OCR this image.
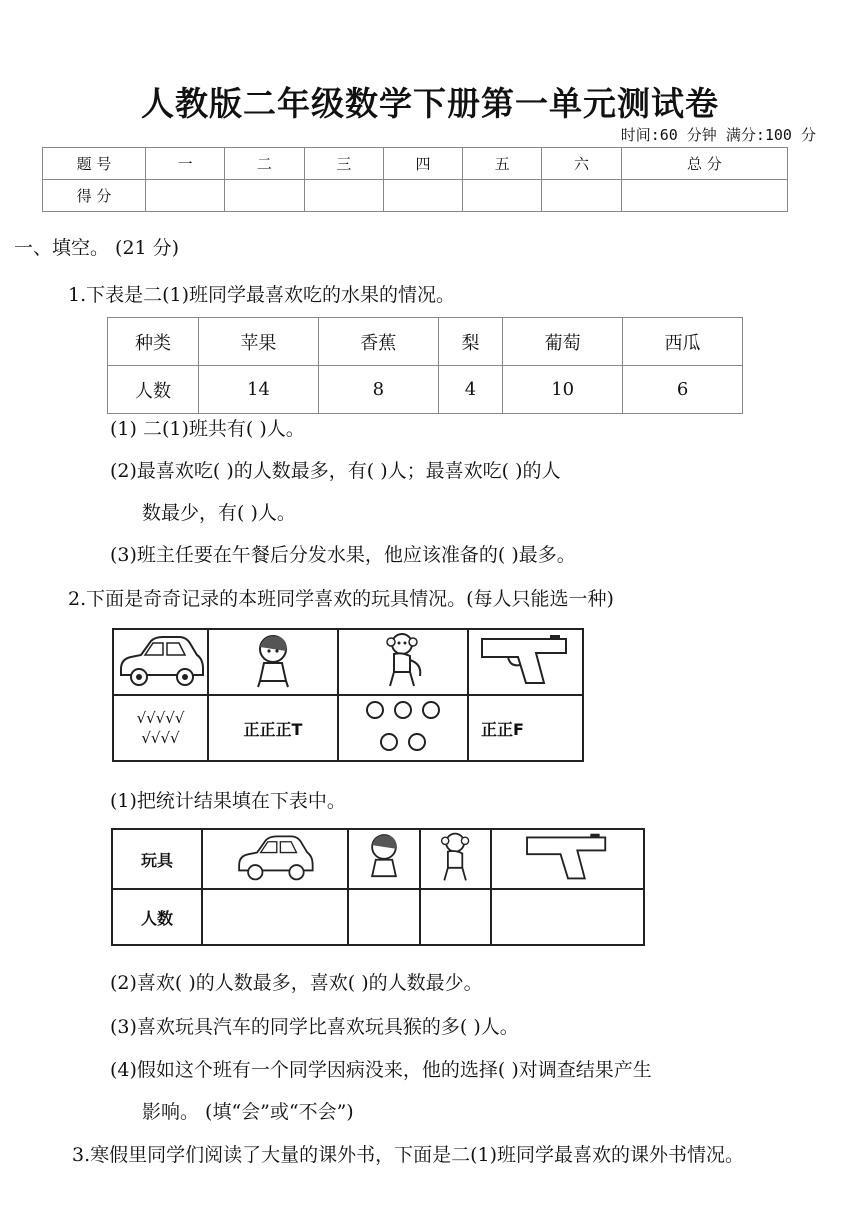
人教版二年级数学下册第一单元测试卷
时间:60 分钟 满分:100 分
题 号	一	二	三	四	五	六	总 分
得 分							
一、填空。 (21 分)
1.下表是二(1)班同学最喜欢吃的水果的情况。
种类	苹果	香蕉	梨	葡萄	西瓜
人数	14	8	4	10	6
(1) 二(1)班共有( )人。
(2)最喜欢吃( )的人数最多，有( )人；最喜欢吃( )的人
数最少，有( )人。
(3)班主任要在午餐后分发水果，他应该准备的( )最多。
2.下面是奇奇记录的本班同学喜欢的玩具情况。(每人只能选一种)

√√√√√
√√√√	正正正T		正正F
(1)把统计结果填在下表中。
玩具				
人数				
(2)喜欢( )的人数最多，喜欢( )的人数最少。
(3)喜欢玩具汽车的同学比喜欢玩具猴的多( )人。
(4)假如这个班有一个同学因病没来，他的选择( )对调查结果产生
影响。 (填“会”或“不会”)
3.寒假里同学们阅读了大量的课外书，下面是二(1)班同学最喜欢的课外书情况。
